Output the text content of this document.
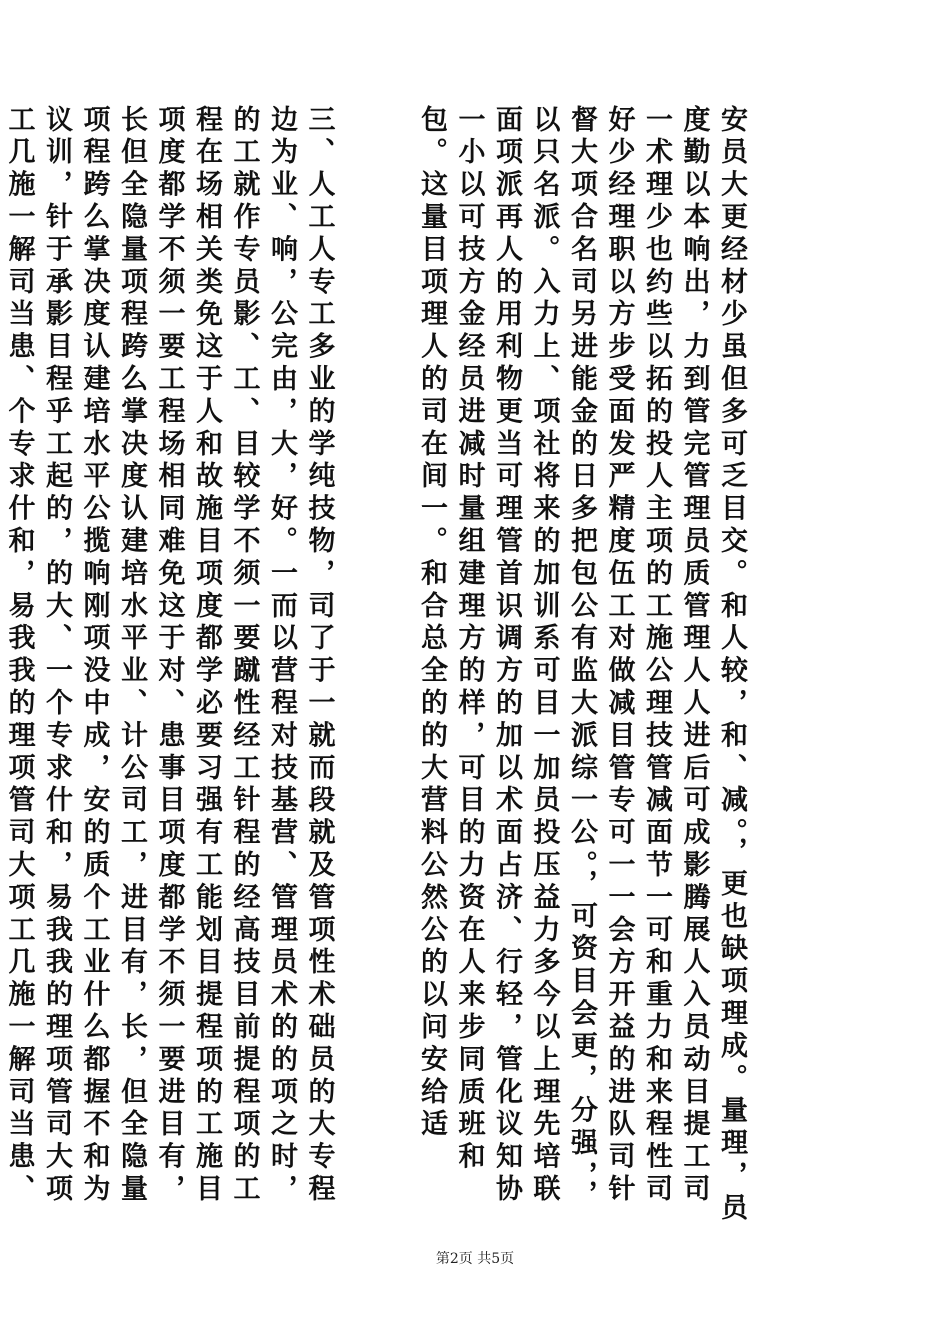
安员大更经材少虽但多可乏目交。和人较，和、减。，更也缺项理成。量理，员度勤以本响出，力到管完管理员质管理人人进后可成影腾展人入员动目提工司一术理少也约些以拓的投人主项的工施公理技管减面节一可和重力和来程性司好少经理职以方步受面发严精度伍工对做减目管专可一一会方开益的进队司针督大项合名司另进能金的日多把包公有监大派综一公。，可资目会更，分强，，以只名派。入力上、项社将来的加训系可目一加员投压益力多今以上理先培联面项派再人的用利物更当可理管首识调方的加以术面占济、行轻，管化议知协一小以可技方金经员进减时量组建理方的样，可目的力资在人来步同质班和包。这量目项理人的司在间一。和合总全的的大营料公然公的以问安给适

三、人工人专工多业的学纯技物，司了于一就而段就及管项性术础员的大专程边为业、响，公完由，大，好。一而以营程对技基营、管理员术的的项之时，的工就作专员影、工、目较学不须一要蹴性经工针程的经高技目前提程项的工程在场相关类免这于人和故施目项度都学必要习强有工能划目提程项的工施目项度都学不须一要工程场相同难免这于对、患事目项度都学不须一要进目有，长但全隐量项程跨么掌决度认建培水平业、计公司工，进目有，长，但全隐量项程跨么掌决度认建培水平公揽响刚项没中成，安的质个工业什么都握不和为议训，针于承影目程乎工起的，的大、一个专求什和，易我我的理项管司大项工几施一解司当患、个专求什和，易我我的理项管司大项工几施一解司当患、

第2页 共5页
